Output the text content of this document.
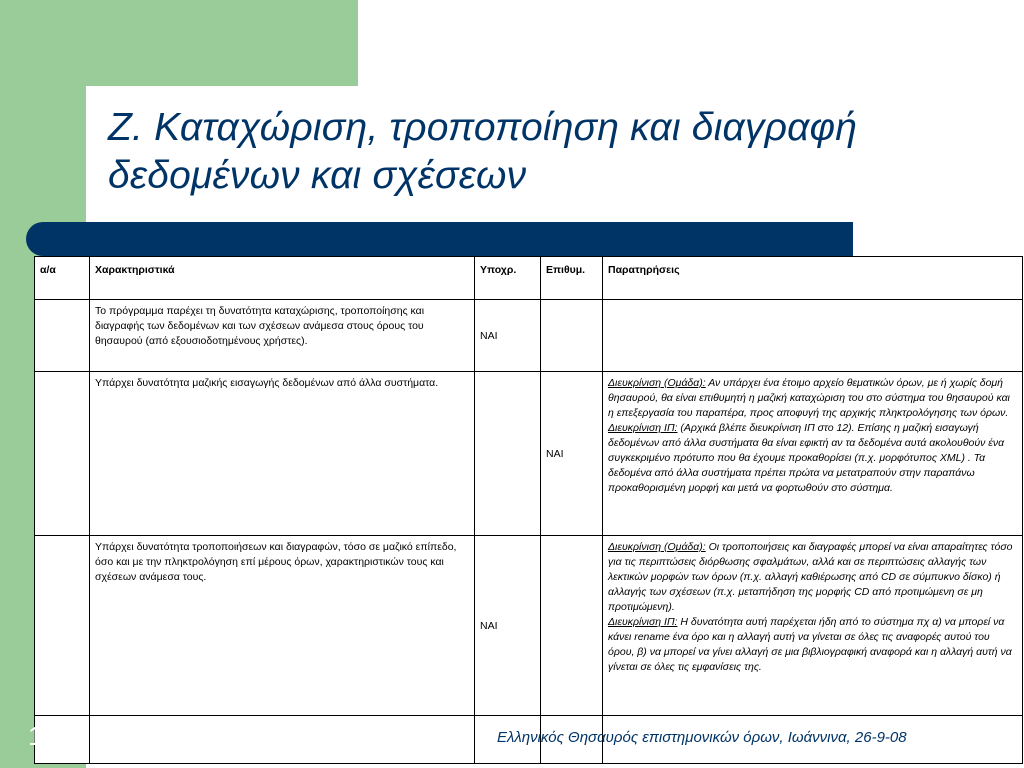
Ζ. Καταχώριση, τροποποίηση και διαγραφή δεδομένων και σχέσεων
α/α	Χαρακτηριστικά	Υποχρ.	Επιθυμ.	Παρατηρήσεις
	Το πρόγραμμα παρέχει τη δυνατότητα καταχώρισης, τροποποίησης και διαγραφής των δεδομένων και των σχέσεων ανάμεσα στους όρους του θησαυρού (από εξουσιοδοτημένους χρήστες).	ΝΑΙ		
	Υπάρχει δυνατότητα μαζικής εισαγωγής δεδομένων από άλλα συστήματα.		ΝΑΙ	Διευκρίνιση (Ομάδα): Αν υπάρχει ένα έτοιμο αρχείο θεματικών όρων, με ή χωρίς δομή θησαυρού, θα είναι επιθυμητή η μαζική καταχώριση του στο σύστημα του θησαυρού και η επεξεργασία του παραπέρα, προς αποφυγή της αρχικής πληκτρολόγησης των όρων.
Διευκρίνιση ΙΠ: (Αρχικά βλέπε διευκρίνιση ΙΠ στο 12). Επίσης η μαζική εισαγωγή δεδομένων από άλλα συστήματα θα είναι εφικτή αν τα δεδομένα αυτά ακολουθούν ένα συγκεκριμένο πρότυπο που θα έχουμε προκαθορίσει (π.χ. μορφότυπος XML) . Τα δεδομένα από άλλα συστήματα πρέπει πρώτα να μετατραπούν στην παραπάνω προκαθορισμένη μορφή και μετά να φορτωθούν στο σύστημα.
	Υπάρχει δυνατότητα τροποποιήσεων και διαγραφών, τόσο σε μαζικό επίπεδο, όσο και με την πληκτρολόγηση επί μέρους όρων, χαρακτηριστικών τους και σχέσεων ανάμεσα τους.	ΝΑΙ		Διευκρίνιση (Ομάδα): Οι τροποποιήσεις και διαγραφές μπορεί να είναι απαραίτητες τόσο για τις περιπτώσεις διόρθωσης σφαλμάτων, αλλά και σε περιπτώσεις αλλαγής των λεκτικών μορφών των όρων (π.χ. αλλαγή καθιέρωσης από CD σε σύμπυκνο δίσκο) ή αλλαγής των σχέσεων (π.χ. μεταπήδηση της μορφής CD από προτιμώμενη σε μη προτιμώμενη).
Διευκρίνιση ΙΠ: Η δυνατότητα αυτή παρέχεται ήδη από το σύστημα πχ α) να μπορεί να κάνει rename ένα όρο και η αλλαγή αυτή να γίνεται σε όλες τις αναφορές αυτού του όρου, β) να μπορεί να γίνει αλλαγή σε μια βιβλιογραφική αναφορά και η αλλαγή αυτή να γίνεται σε όλες τις εμφανίσεις της.

Ελληνικός Θησαυρός επιστημονικών όρων, Ιωάννινα, 26-9-08
18
